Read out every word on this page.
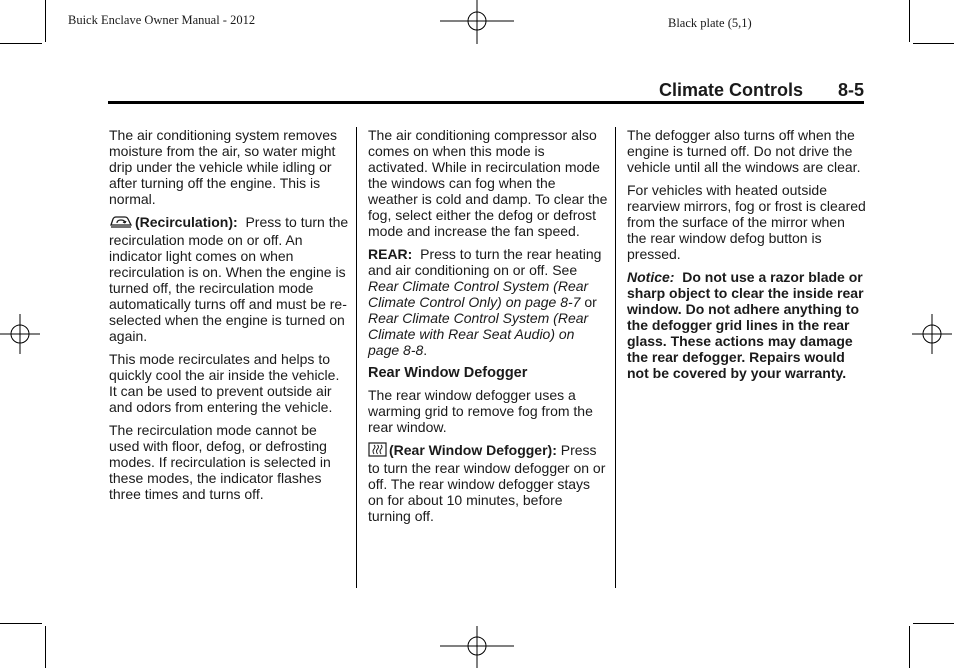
Buick Enclave Owner Manual - 2012	Black plate (5,1)
Climate Controls 8-5

The air conditioning system removes moisture from the air, so water might drip under the vehicle while idling or after turning off the engine. This is normal.

(Recirculation): Press to turn the recirculation mode on or off. An indicator light comes on when recirculation is on. When the engine is turned off, the recirculation mode automatically turns off and must be re-selected when the engine is turned on again.

This mode recirculates and helps to quickly cool the air inside the vehicle. It can be used to prevent outside air and odors from entering the vehicle.

The recirculation mode cannot be used with floor, defog, or defrosting modes. If recirculation is selected in these modes, the indicator flashes three times and turns off.

The air conditioning compressor also comes on when this mode is activated. While in recirculation mode the windows can fog when the weather is cold and damp. To clear the fog, select either the defog or defrost mode and increase the fan speed.

REAR: Press to turn the rear heating and air conditioning on or off. See Rear Climate Control System (Rear Climate Control Only) on page 8-7 or Rear Climate Control System (Rear Climate with Rear Seat Audio) on page 8-8.

Rear Window Defogger

The rear window defogger uses a warming grid to remove fog from the rear window.

(Rear Window Defogger): Press to turn the rear window defogger on or off. The rear window defogger stays on for about 10 minutes, before turning off.

The defogger also turns off when the engine is turned off. Do not drive the vehicle until all the windows are clear.

For vehicles with heated outside rearview mirrors, fog or frost is cleared from the surface of the mirror when the rear window defog button is pressed.

Notice: Do not use a razor blade or sharp object to clear the inside rear window. Do not adhere anything to the defogger grid lines in the rear glass. These actions may damage the rear defogger. Repairs would not be covered by your warranty.
